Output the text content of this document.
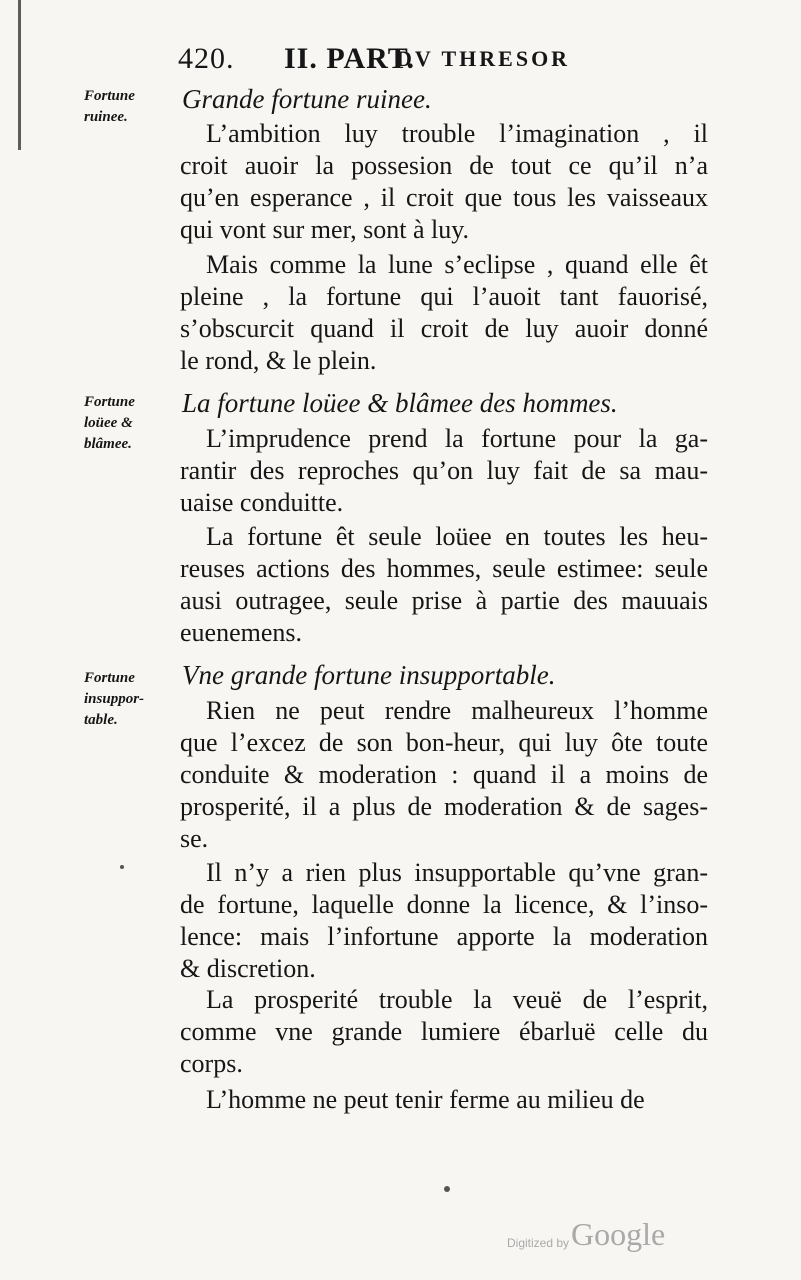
420. II. PART.
DV THRESOR
Fortune
ruinee.
Grande fortune ruinee.
L’ambition luy trouble l’imagination , il
croit auoir la possesion de tout ce qu’il n’a
qu’en esperance , il croit que tous les vaisseaux
qui vont sur mer, sont à luy.
Mais comme la lune s’eclipse , quand elle êt
pleine , la fortune qui l’auoit tant fauorisé,
s’obscurcit quand il croit de luy auoir donné
le rond, & le plein.
Fortune
loüee &
blâmee.
La fortune loüee & blâmee des hommes.
L’imprudence prend la fortune pour la ga-
rantir des reproches qu’on luy fait de sa mau-
uaise conduitte.
La fortune êt seule loüee en toutes les heu-
reuses actions des hommes, seule estimee: seule
ausi outragee, seule prise à partie des mauuais
euenemens.
Fortune
insuppor-
table.
Vne grande fortune insupportable.
Rien ne peut rendre malheureux l’homme
que l’excez de son bon-heur, qui luy ôte toute
conduite & moderation : quand il a moins de
prosperité, il a plus de moderation & de sages-
se.
Il n’y a rien plus insupportable qu’vne gran-
de fortune, laquelle donne la licence, & l’inso-
lence: mais l’infortune apporte la moderation
& discretion.
La prosperité trouble la veuë de l’esprit,
comme vne grande lumiere ébarluë celle du
corps.
L’homme ne peut tenir ferme au milieu de
Digitized by Google
